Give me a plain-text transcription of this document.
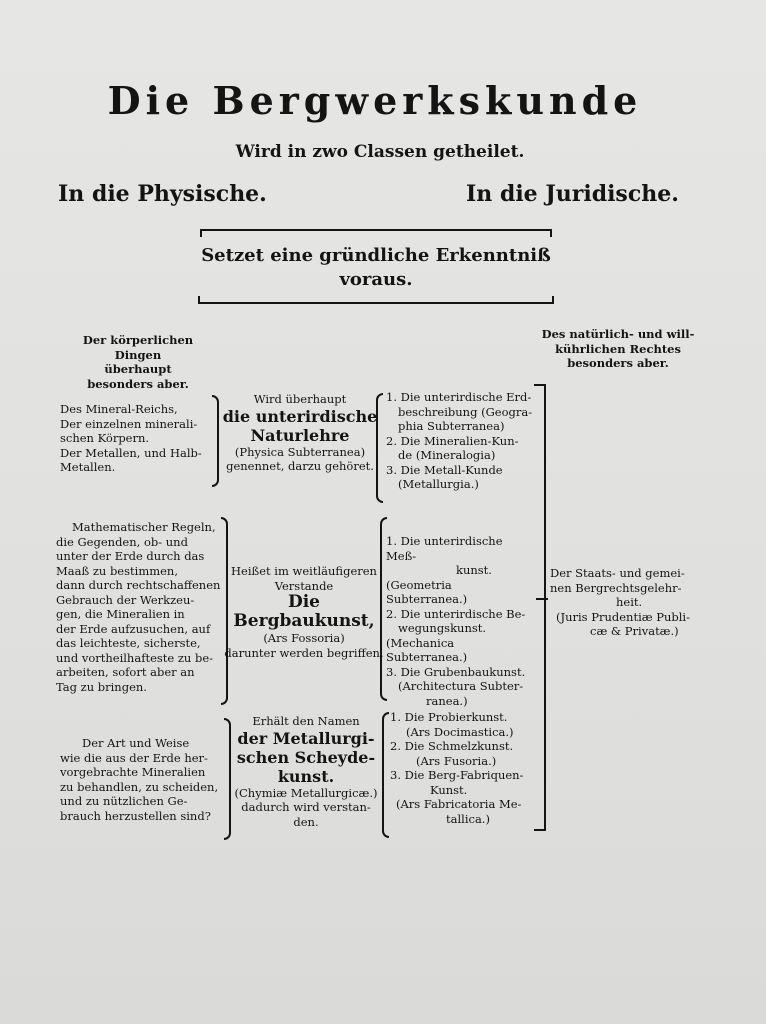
Die Bergwerkskunde
Wird in zwo Classen getheilet.
In die Physische.	In die Juridische.
Setzet eine gründliche Erkenntniß
voraus.
Der körperlichen Dingen
überhaupt
besonders aber.
Des natürlich- und will-
kührlichen Rechtes
besonders aber.
Des Mineral-Reichs,
Der einzelnen minerali-
schen Körpern.
Der Metallen, und Halb-
Metallen.
Wird überhaupt
die unterirdische
Naturlehre
(Physica Subterranea)
genennet, darzu gehöret.
1. Die unterirdische Erd-
beschreibung (Geogra-
phia Subterranea)
2. Die Mineralien-Kun-
de (Mineralogia)
3. Die Metall-Kunde
(Metallurgia.)
Mathematischer Regeln,
die Gegenden, ob- und
unter der Erde durch das
Maaß zu bestimmen,
dann durch rechtschaffenen
Gebrauch der Werkzeu-
gen, die Mineralien in
der Erde aufzusuchen, auf
das leichteste, sicherste,
und vortheilhafteste zu be-
arbeiten, sofort aber an
Tag zu bringen.
Heißet im weitläufigeren
Verstande
Die Bergbaukunst,
(Ars Fossoria)
darunter werden begriffen.
1. Die unterirdische Meß-
kunst.
(Geometria Subterranea.)
2. Die unterirdische Be-
wegungskunst.
(Mechanica Subterranea.)
3. Die Grubenbaukunst.
(Architectura Subter-
ranea.)
Der Art und Weise
wie die aus der Erde her-
vorgebrachte Mineralien
zu behandlen, zu scheiden,
und zu nützlichen Ge-
brauch herzustellen sind?
Erhält den Namen
der Metallurgi-
schen Scheyde-
kunst.
(Chymiæ Metallurgicæ.)
dadurch wird verstan-
den.
1. Die Probierkunst.
(Ars Docimastica.)
2. Die Schmelzkunst.
(Ars Fusoria.)
3. Die Berg-Fabriquen-
Kunst.
(Ars Fabricatoria Me-
tallica.)
Der Staats- und gemei-
nen Bergrechtsgelehr-
heit.
(Juris Prudentiæ Publi-
cæ & Privatæ.)
